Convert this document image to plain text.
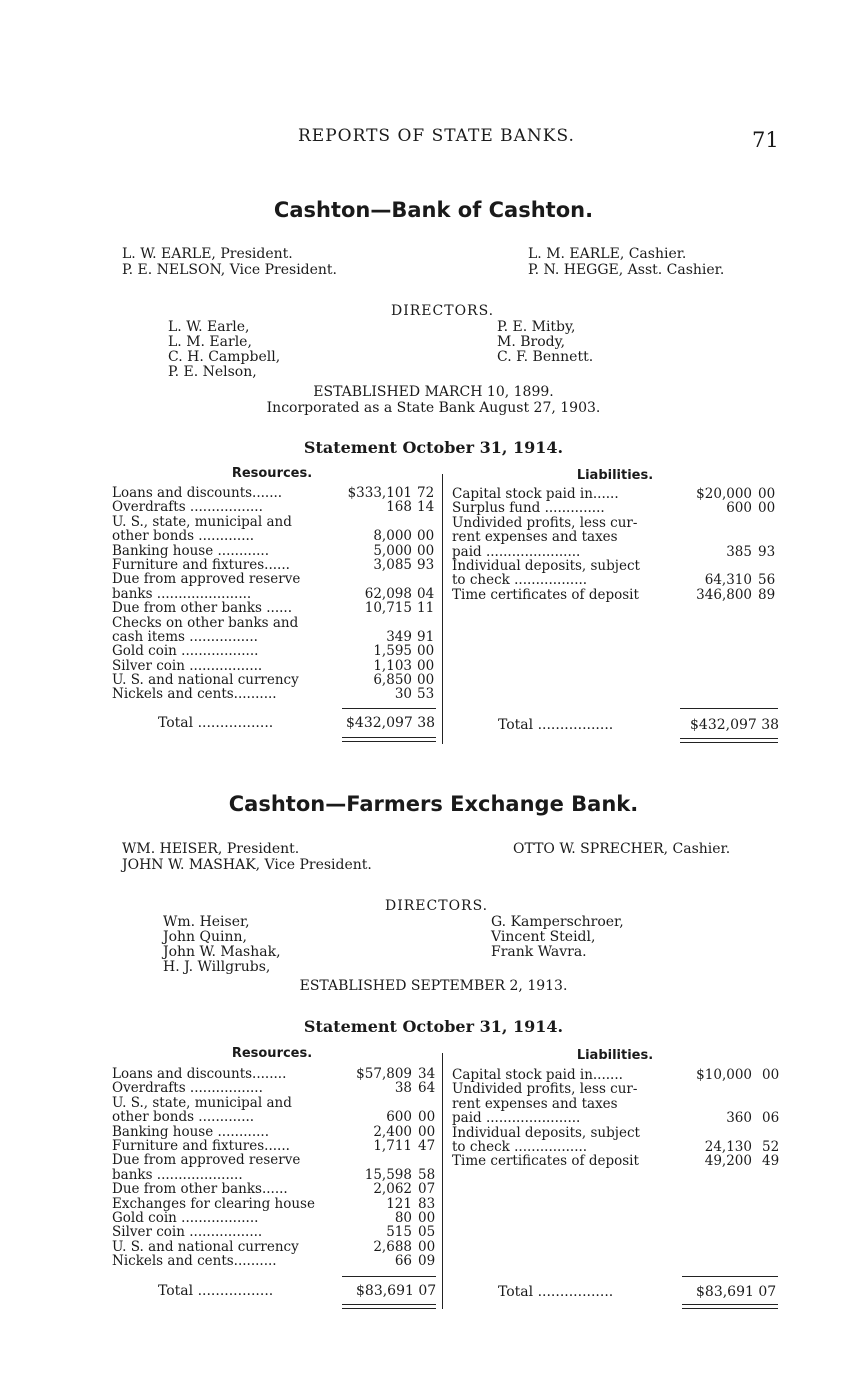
REPORTS OF STATE BANKS.	71
Cashton—Bank of Cashton.
L. W. EARLE, President.
P. E. NELSON, Vice President.
L. M. EARLE, Cashier.
P. N. HEGGE, Asst. Cashier.
DIRECTORS.
L. W. Earle,
L. M. Earle,
C. H. Campbell,
P. E. Nelson,
P. E. Mitby,
M. Brody,
C. F. Bennett.
ESTABLISHED MARCH 10, 1899.
Incorporated as a State Bank August 27, 1903.
Statement October 31, 1914.
Resources.	Liabilities.
Loans and discounts.......	$333,101 72
Overdrafts .................	168 14
U. S., state, municipal and
other bonds .............	8,000 00
Banking house ............	5,000 00
Furniture and fixtures......	3,085 93
Due from approved reserve
banks ......................	62,098 04
Due from other banks ......	10,715 11
Checks on other banks and
cash items ................	349 91
Gold coin ..................	1,595 00
Silver coin .................	1,103 00
U. S. and national currency	6,850 00
Nickels and cents..........	30 53
Capital stock paid in......	$20,000 00
Surplus fund ..............	600 00
Undivided profits, less cur-
rent expenses and taxes
paid ......................	385 93
Individual deposits, subject
to check .................	64,310 56
Time certificates of deposit	346,800 89
Total .................	$432,097 38	Total .................	$432,097 38
Cashton—Farmers Exchange Bank.
WM. HEISER, President.
JOHN W. MASHAK, Vice President.
OTTO W. SPRECHER, Cashier.
DIRECTORS.
Wm. Heiser,
John Quinn,
John W. Mashak,
H. J. Willgrubs,
G. Kamperschroer,
Vincent Steidl,
Frank Wavra.
ESTABLISHED SEPTEMBER 2, 1913.
Statement October 31, 1914.
Resources.	Liabilities.
Loans and discounts........	$57,809 34
Overdrafts .................	38 64
U. S., state, municipal and
other bonds .............	600 00
Banking house ............	2,400 00
Furniture and fixtures......	1,711 47
Due from approved reserve
banks ....................	15,598 58
Due from other banks......	2,062 07
Exchanges for clearing house	121 83
Gold coin ..................	80 00
Silver coin .................	515 05
U. S. and national currency	2,688 00
Nickels and cents..........	66 09
Capital stock paid in.......	$10,000 00
Undivided profits, less cur-
rent expenses and taxes
paid ......................	360 06
Individual deposits, subject
to check .................	24,130 52
Time certificates of deposit	49,200 49
Total .................	$83,691 07	Total .................	$83,691 07
